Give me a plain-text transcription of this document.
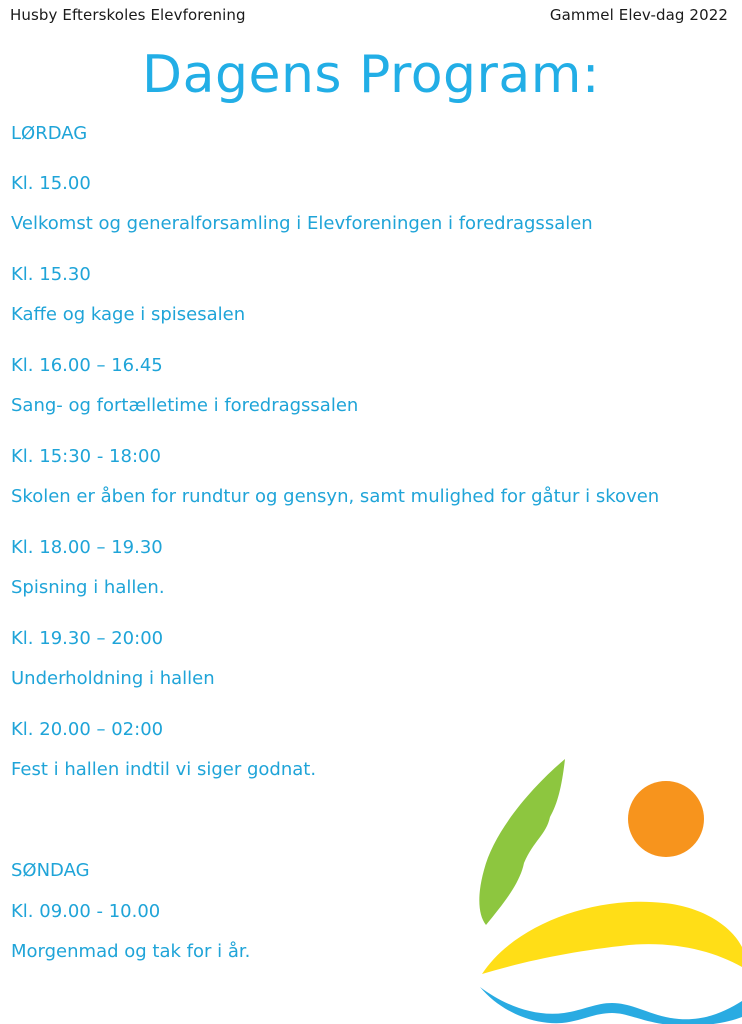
Husby Efterskoles Elevforening	Gammel Elev-dag 2022
Dagens Program:
LØRDAG
Kl. 15.00
Velkomst og generalforsamling i Elevforeningen i foredragssalen
Kl. 15.30
Kaffe og kage i spisesalen
Kl. 16.00 – 16.45
Sang- og fortælletime i foredragssalen
Kl. 15:30 - 18:00
Skolen er åben for rundtur og gensyn, samt mulighed for gåtur i skoven
Kl. 18.00 – 19.30
Spisning i hallen.
Kl. 19.30 – 20:00
Underholdning i hallen
Kl. 20.00 – 02:00
Fest i hallen indtil vi siger godnat.
SØNDAG
Kl. 09.00 - 10.00
Morgenmad og tak for i år.
